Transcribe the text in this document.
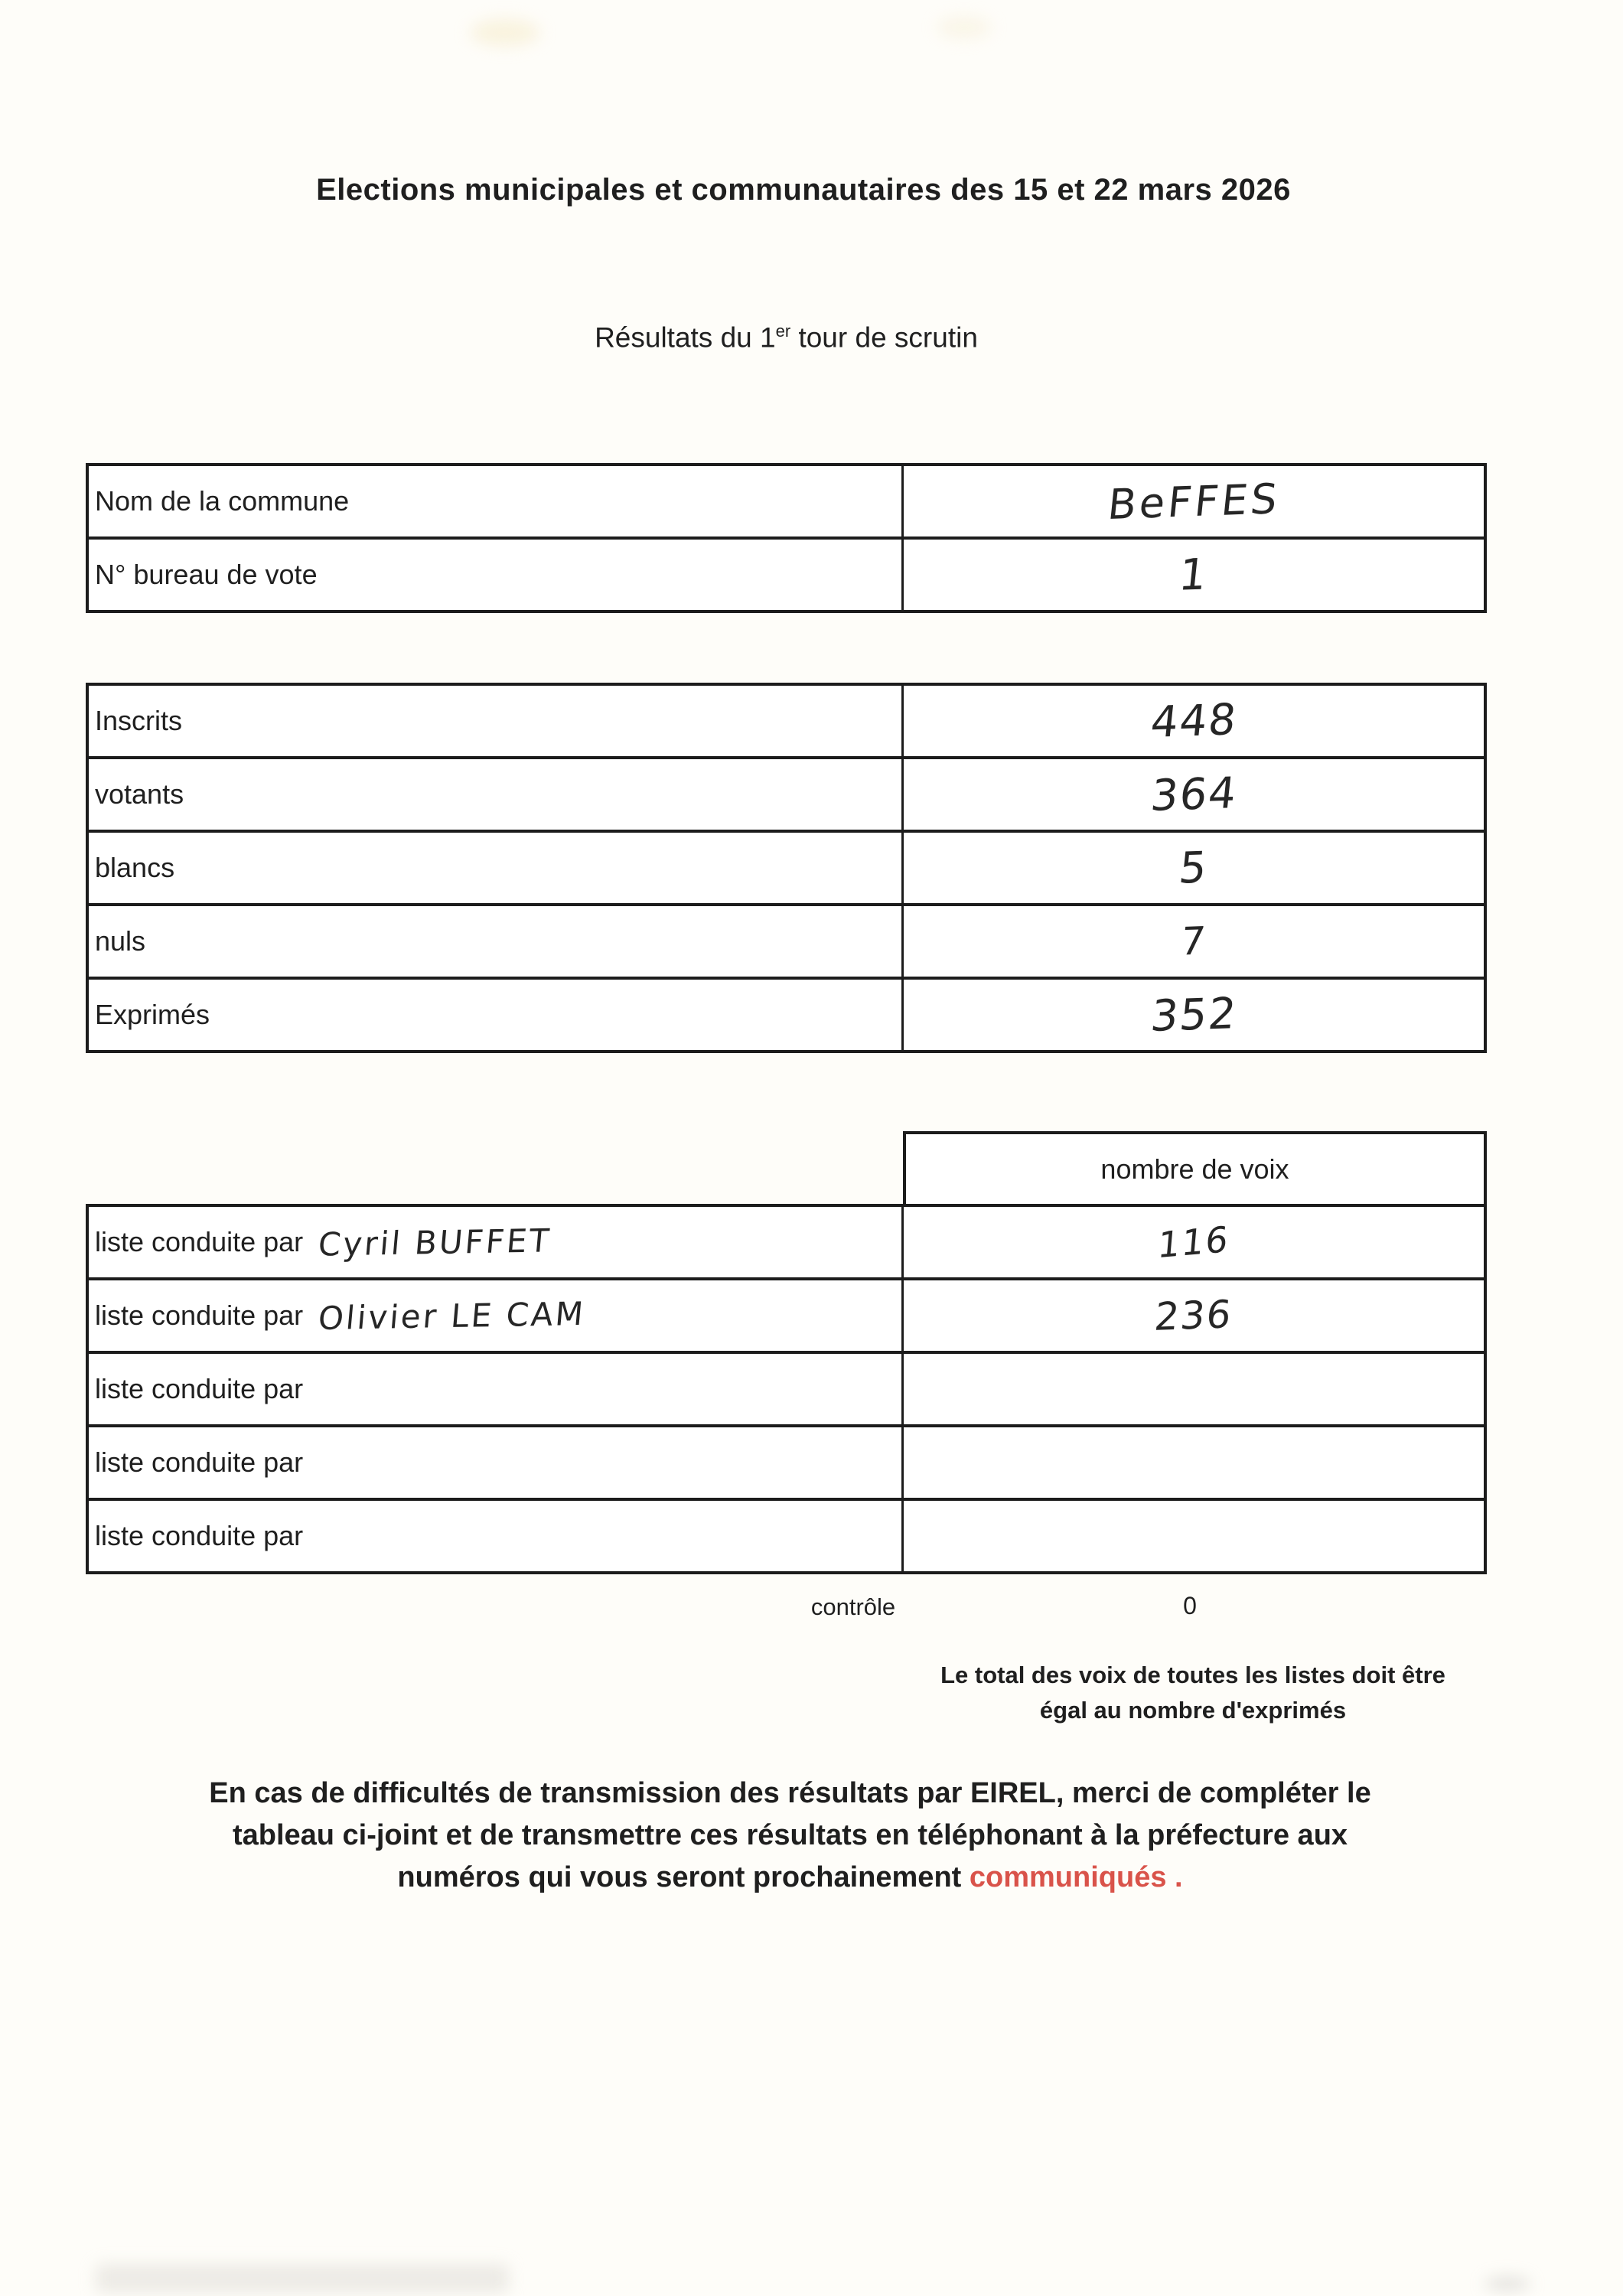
Elections municipales et communautaires des 15 et 22 mars 2026
Résultats du 1er tour de scrutin
Nom de la commune	BeFFES
N° bureau de vote	1
Inscrits	448
votants	364
blancs	5
nuls	7
Exprimés	352
nombre de voix
liste conduite par Cyril BUFFET	116
liste conduite par Olivier LE CAM	236
liste conduite par
liste conduite par
liste conduite par
contrôle	0
Le total des voix de toutes les listes doit être
égal au nombre d'exprimés
En cas de difficultés de transmission des résultats par EIREL, merci de compléter le
tableau ci-joint et de transmettre ces résultats en téléphonant à la préfecture aux
numéros qui vous seront prochainement communiqués .
